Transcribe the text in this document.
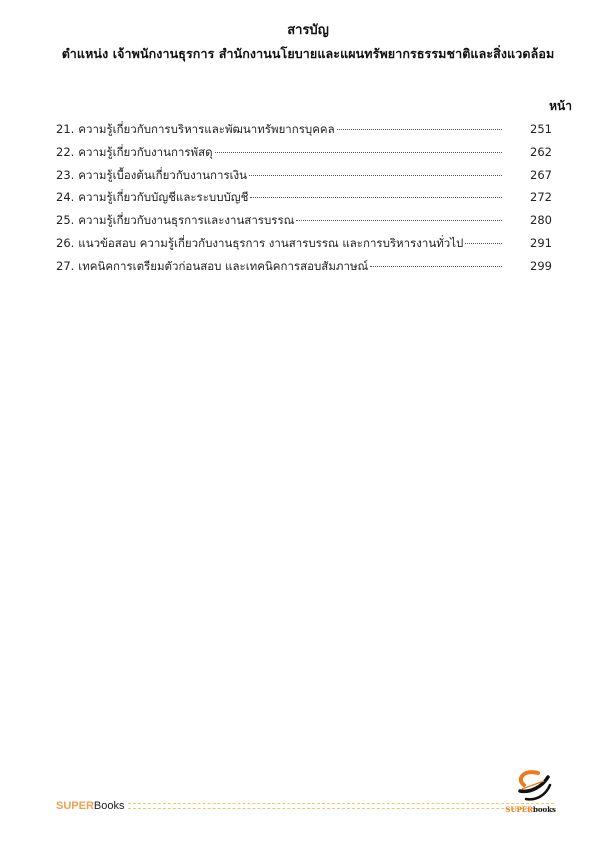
สารบัญ
ตำแหน่ง เจ้าพนักงานธุรการ สำนักงานนโยบายและแผนทรัพยากรธรรมชาติและสิ่งแวดล้อม
หน้า
21. ความรู้เกี่ยวกับการบริหารและพัฒนาทรัพยากรบุคคล	251
22. ความรู้เกี่ยวกับงานการพัสดุ	262
23. ความรู้เบื้องต้นเกี่ยวกับงานการเงิน	267
24. ความรู้เกี่ยวกับบัญชีและระบบบัญชี	272
25. ความรู้เกี่ยวกับงานธุรการและงานสารบรรณ	280
26. แนวข้อสอบ ความรู้เกี่ยวกับงานธุรการ งานสารบรรณ และการบริหารงานทั่วไป	291
27. เทคนิคการเตรียมตัวก่อนสอบ และเทคนิคการสอบสัมภาษณ์	299
SUPERBooks	SUPERbooks
